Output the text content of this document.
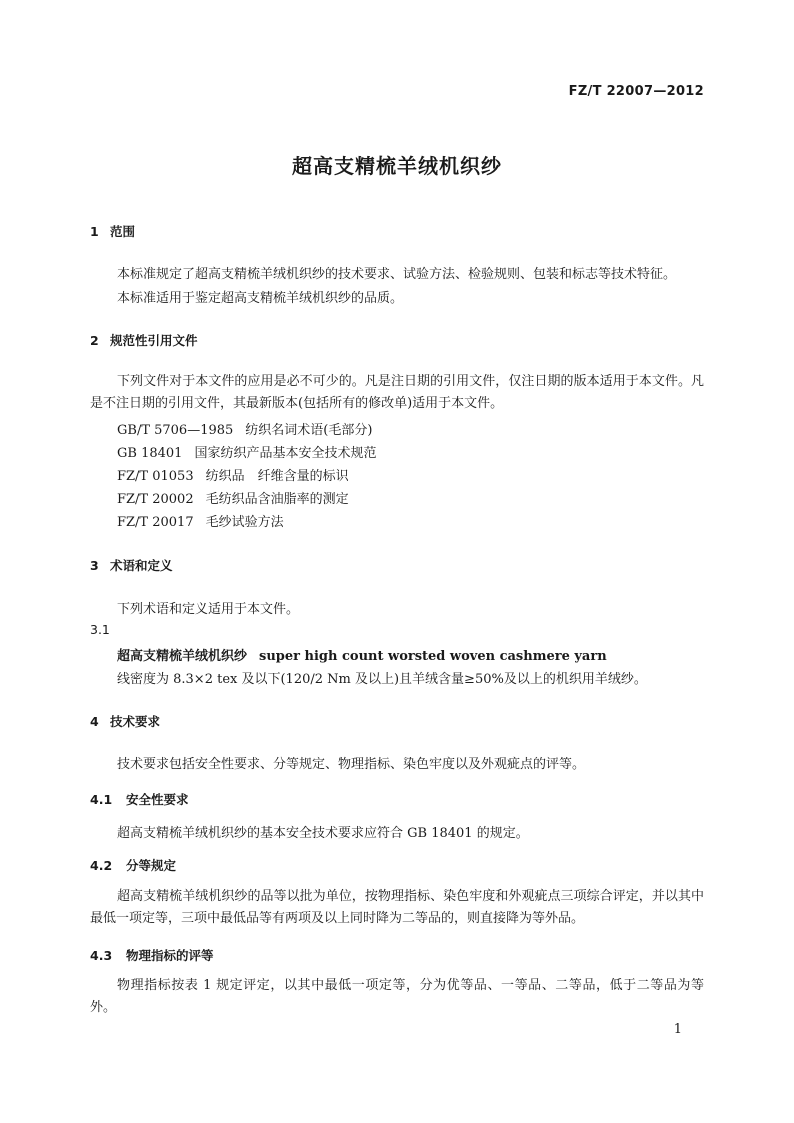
FZ/T 22007—2012
超高支精梳羊绒机织纱
1 范围
本标准规定了超高支精梳羊绒机织纱的技术要求、试验方法、检验规则、包装和标志等技术特征。
本标准适用于鉴定超高支精梳羊绒机织纱的品质。
2 规范性引用文件
下列文件对于本文件的应用是必不可少的。凡是注日期的引用文件，仅注日期的版本适用于本文件。凡是不注日期的引用文件，其最新版本(包括所有的修改单)适用于本文件。
GB/T 5706—1985 纺织名词术语(毛部分)
GB 18401 国家纺织产品基本安全技术规范
FZ/T 01053 纺织品　纤维含量的标识
FZ/T 20002 毛纺织品含油脂率的测定
FZ/T 20017 毛纱试验方法
3 术语和定义
下列术语和定义适用于本文件。
3.1
超高支精梳羊绒机织纱 super high count worsted woven cashmere yarn
线密度为 8.3×2 tex 及以下(120/2 Nm 及以上)且羊绒含量≥50%及以上的机织用羊绒纱。
4 技术要求
技术要求包括安全性要求、分等规定、物理指标、染色牢度以及外观疵点的评等。
4.1 安全性要求
超高支精梳羊绒机织纱的基本安全技术要求应符合 GB 18401 的规定。
4.2 分等规定
超高支精梳羊绒机织纱的品等以批为单位，按物理指标、染色牢度和外观疵点三项综合评定，并以其中最低一项定等，三项中最低品等有两项及以上同时降为二等品的，则直接降为等外品。
4.3 物理指标的评等
物理指标按表 1 规定评定，以其中最低一项定等，分为优等品、一等品、二等品，低于二等品为等外。
1
